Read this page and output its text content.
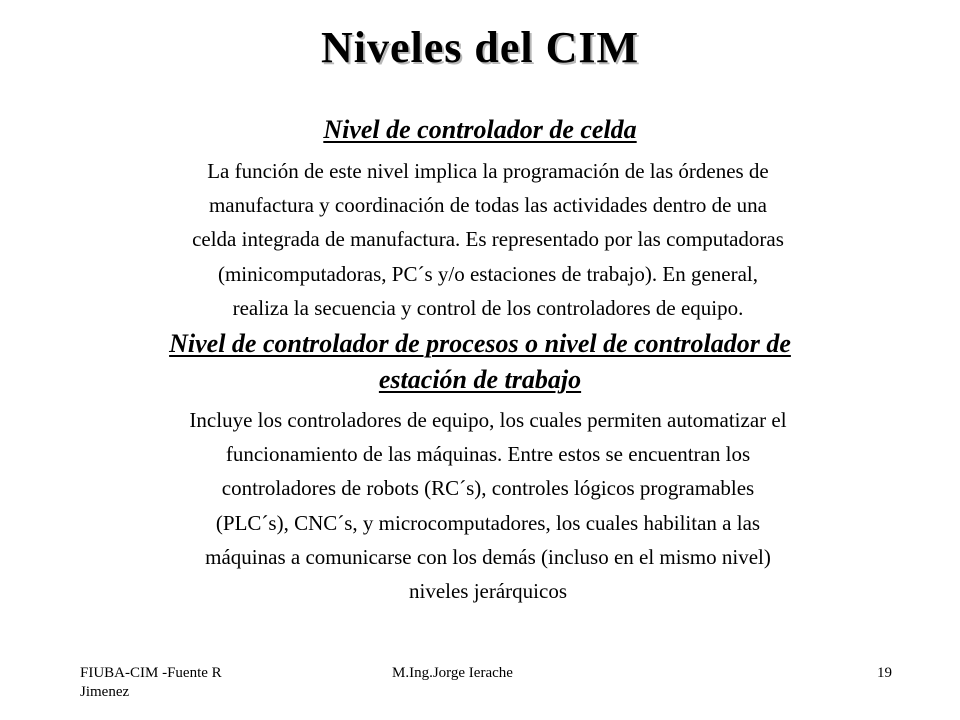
Niveles del CIM
Nivel de controlador de celda
La función de este nivel implica la programación de las órdenes de
manufactura y coordinación de todas las actividades dentro de una
celda integrada de manufactura. Es representado por las computadoras
(minicomputadoras, PC´s y/o estaciones de trabajo). En general,
realiza la secuencia y control de los controladores de equipo.
Nivel de controlador de procesos o nivel de controlador de
estación de trabajo
Incluye los controladores de equipo, los cuales permiten automatizar el
funcionamiento de las máquinas. Entre estos se encuentran los
controladores de robots (RC´s), controles lógicos programables
(PLC´s), CNC´s, y microcomputadores, los cuales habilitan a las
máquinas a comunicarse con los demás (incluso en el mismo nivel)
niveles jerárquicos
FIUBA-CIM -Fuente R
Jimenez
M.Ing.Jorge Ierache	19
